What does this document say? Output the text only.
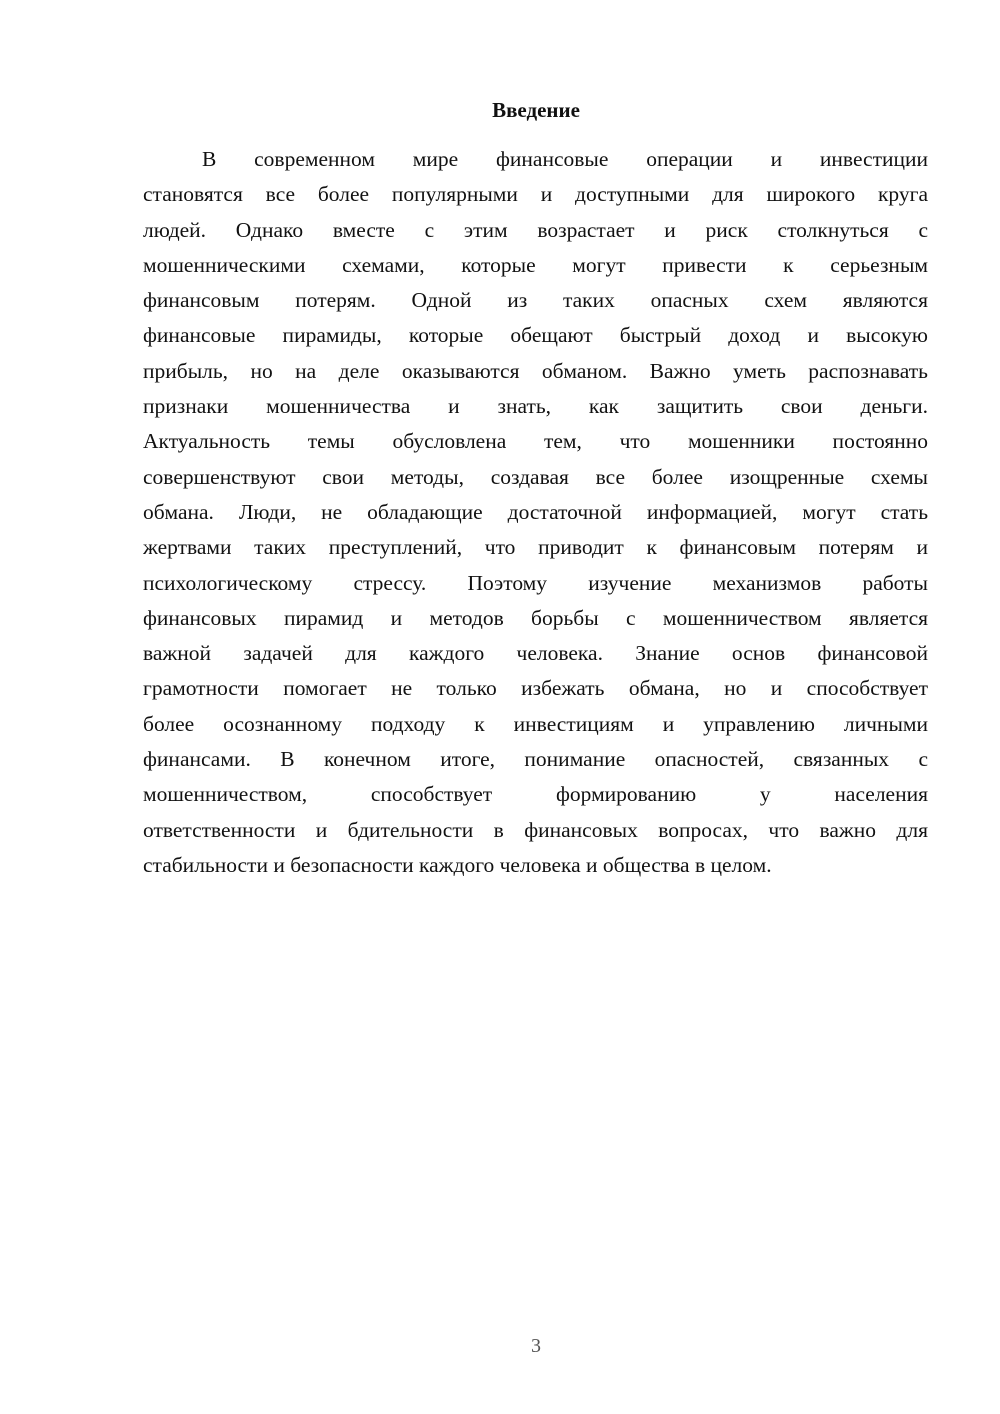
Введение
В современном мире финансовые операции и инвестиции
становятся все более популярными и доступными для широкого круга
людей. Однако вместе с этим возрастает и риск столкнуться с
мошенническими схемами, которые могут привести к серьезным
финансовым потерям. Одной из таких опасных схем являются
финансовые пирамиды, которые обещают быстрый доход и высокую
прибыль, но на деле оказываются обманом. Важно уметь распознавать
признаки мошенничества и знать, как защитить свои деньги.
Актуальность темы обусловлена тем, что мошенники постоянно
совершенствуют свои методы, создавая все более изощренные схемы
обмана. Люди, не обладающие достаточной информацией, могут стать
жертвами таких преступлений, что приводит к финансовым потерям и
психологическому стрессу. Поэтому изучение механизмов работы
финансовых пирамид и методов борьбы с мошенничеством является
важной задачей для каждого человека. Знание основ финансовой
грамотности помогает не только избежать обмана, но и способствует
более осознанному подходу к инвестициям и управлению личными
финансами. В конечном итоге, понимание опасностей, связанных с
мошенничеством, способствует формированию у населения
ответственности и бдительности в финансовых вопросах, что важно для
стабильности и безопасности каждого человека и общества в целом.
3
